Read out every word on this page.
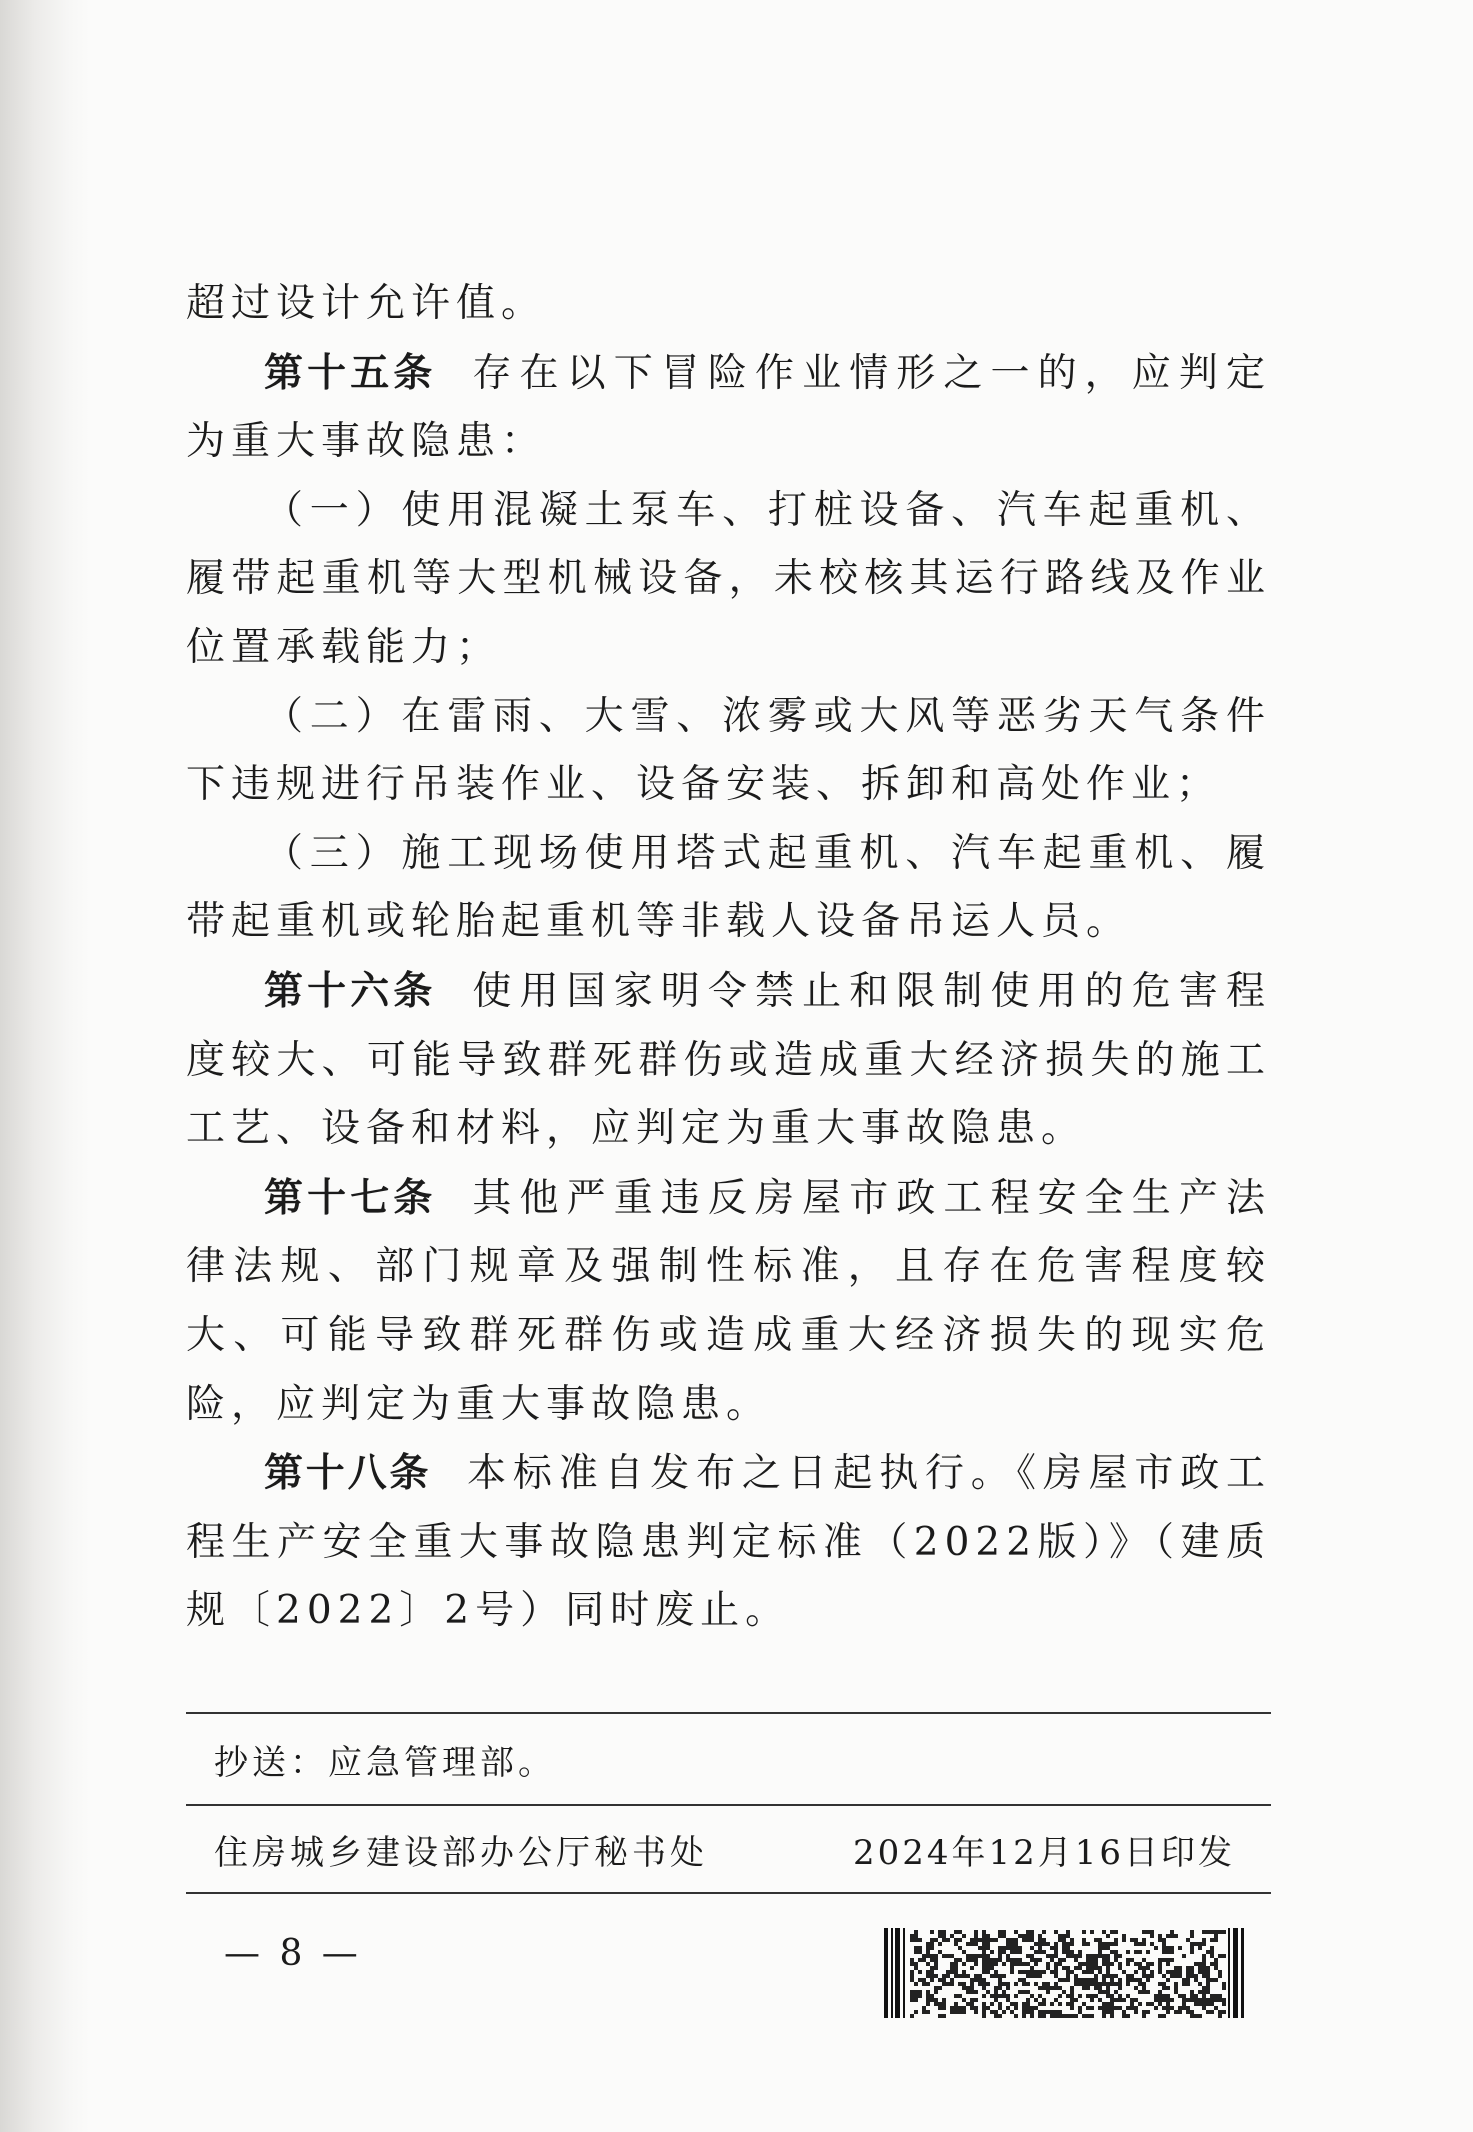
超过设计允许值。

第十五条 存在以下冒险作业情形之一的，应判定为重大事故隐患：

（一）使用混凝土泵车、打桩设备、汽车起重机、履带起重机等大型机械设备，未校核其运行路线及作业位置承载能力；

（二）在雷雨、大雪、浓雾或大风等恶劣天气条件下违规进行吊装作业、设备安装、拆卸和高处作业；

（三）施工现场使用塔式起重机、汽车起重机、履带起重机或轮胎起重机等非载人设备吊运人员。

第十六条 使用国家明令禁止和限制使用的危害程度较大、可能导致群死群伤或造成重大经济损失的施工工艺、设备和材料，应判定为重大事故隐患。

第十七条 其他严重违反房屋市政工程安全生产法律法规、部门规章及强制性标准，且存在危害程度较大、可能导致群死群伤或造成重大经济损失的现实危险，应判定为重大事故隐患。

第十八条 本标准自发布之日起执行。《房屋市政工程生产安全重大事故隐患判定标准（2022版）》（建质规〔2022〕2号）同时废止。

抄送：应急管理部。
住房城乡建设部办公厅秘书处	2024年12月16日印发
— 8 —
